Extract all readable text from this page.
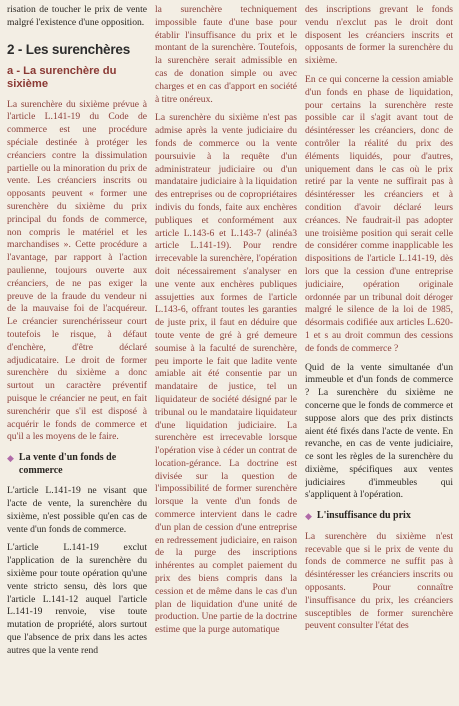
risation de toucher le prix de vente malgré l'existence d'une opposition.

2 - Les surenchères
a - La surenchère du sixième

La surenchère du sixième prévue à l'article L.141-19 du Code de commerce est une procédure spéciale destinée à protéger les créanciers contre la dissimulation partielle ou la minoration du prix de vente. Les créanciers inscrits ou opposants peuvent « former une surenchère du sixième du prix principal du fonds de commerce, non compris le matériel et les marchandises ». Cette procédure a l'avantage, par rapport à l'action paulienne, toujours ouverte aux créanciers, de ne pas exiger la preuve de la fraude du vendeur ni de la mauvaise foi de l'acquéreur. Le créancier surenchérisseur court toutefois le risque, à défaut d'enchère, d'être déclaré adjudicataire. Le droit de former surenchère du sixième a donc surtout un caractère préventif puisque le créancier ne peut, en fait surenchérir que s'il est disposé à acquérir le fonds de commerce et qu'il a les moyens de le faire.

◆ La vente d'un fonds de commerce

L'article L.141-19 ne visant que l'acte de vente, la surenchère du sixième, n'est possible qu'en cas de vente d'un fonds de commerce.

L'article L.141-19 exclut l'application de la surenchère du sixième pour toute opération qu'une vente stricto sensu, dès lors que l'article L.141-12 auquel l'article L.141-19 renvoie, vise toute mutation de propriété, alors surtout que l'absence de prix dans les actes autres que la vente rend

la surenchère techniquement impossible faute d'une base pour établir l'insuffisance du prix et le montant de la surenchère. Toutefois, la surenchère serait admissible en cas de donation simple ou avec charges et en cas d'apport en société à titre onéreux.

La surenchère du sixième n'est pas admise après la vente judiciaire du fonds de commerce ou la vente poursuivie à la requête d'un administrateur judiciaire ou d'un mandataire judiciaire à la liquidation des entreprises ou de copropriétaires indivis du fonds, faite aux enchères publiques et conformément aux article L.143-6 et L.143-7 (alinéa3 article L.141-19). Pour rendre irrecevable la surenchère, l'opération doit nécessairement s'analyser en une vente aux enchères publiques assujetties aux formes de l'article L.143-6, offrant toutes les garanties de juste prix, il faut en déduire que toute vente de gré à gré demeure soumise à la faculté de surenchère, peu importe le fait que ladite vente amiable ait été consentie par un mandataire de justice, tel un liquidateur de société désigné par le tribunal ou le mandataire liquidateur d'une liquidation judiciaire. La surenchère est irrecevable lorsque l'opération vise à céder un contrat de location-gérance. La doctrine est divisée sur la question de l'impossibilité de former surenchère lorsque la vente d'un fonds de commerce intervient dans le cadre d'un plan de cession d'une entreprise en redressement judiciaire, en raison de la purge des inscriptions inhérentes au complet paiement du prix des biens compris dans la cession et de même dans le cas d'un plan de liquidation d'une unité de production. Une partie de la doctrine estime que la purge automatique

des inscriptions grevant le fonds vendu n'exclut pas le droit dont disposent les créanciers inscrits et opposants de former la surenchère du sixième.

En ce qui concerne la cession amiable d'un fonds en phase de liquidation, pour certains la surenchère reste possible car il s'agit avant tout de désintéresser les créanciers, donc de contrôler la réalité du prix des éléments liquidés, pour d'autres, uniquement dans le cas où le prix retiré par la vente ne suffirait pas à désintéresser les créanciers et à condition d'avoir déclaré leurs créances. Ne faudrait-il pas adopter une troisième position qui serait celle de considérer comme inapplicable les dispositions de l'article L.141-19, dès lors que la cession d'une entreprise judiciaire, opération originale ordonnée par un tribunal doit déroger malgré le silence de la loi de 1985, désormais codifiée aux articles L.620-1 et s au droit commun des cessions de fonds de commerce ?

Quid de la vente simultanée d'un immeuble et d'un fonds de commerce ? La surenchère du sixième ne concerne que le fonds de commerce et suppose alors que des prix distincts aient été fixés dans l'acte de vente. En revanche, en cas de vente judiciaire, ce sont les règles de la surenchère du dixième, spécifiques aux ventes judiciaires d'immeubles qui s'appliquent à l'opération.

◆ L'insuffisance du prix

La surenchère du sixième n'est recevable que si le prix de vente du fonds de commerce ne suffit pas à désintéresser les créanciers inscrits ou opposants. Pour connaître l'insuffisance du prix, les créanciers susceptibles de former surenchère peuvent consulter l'état des
